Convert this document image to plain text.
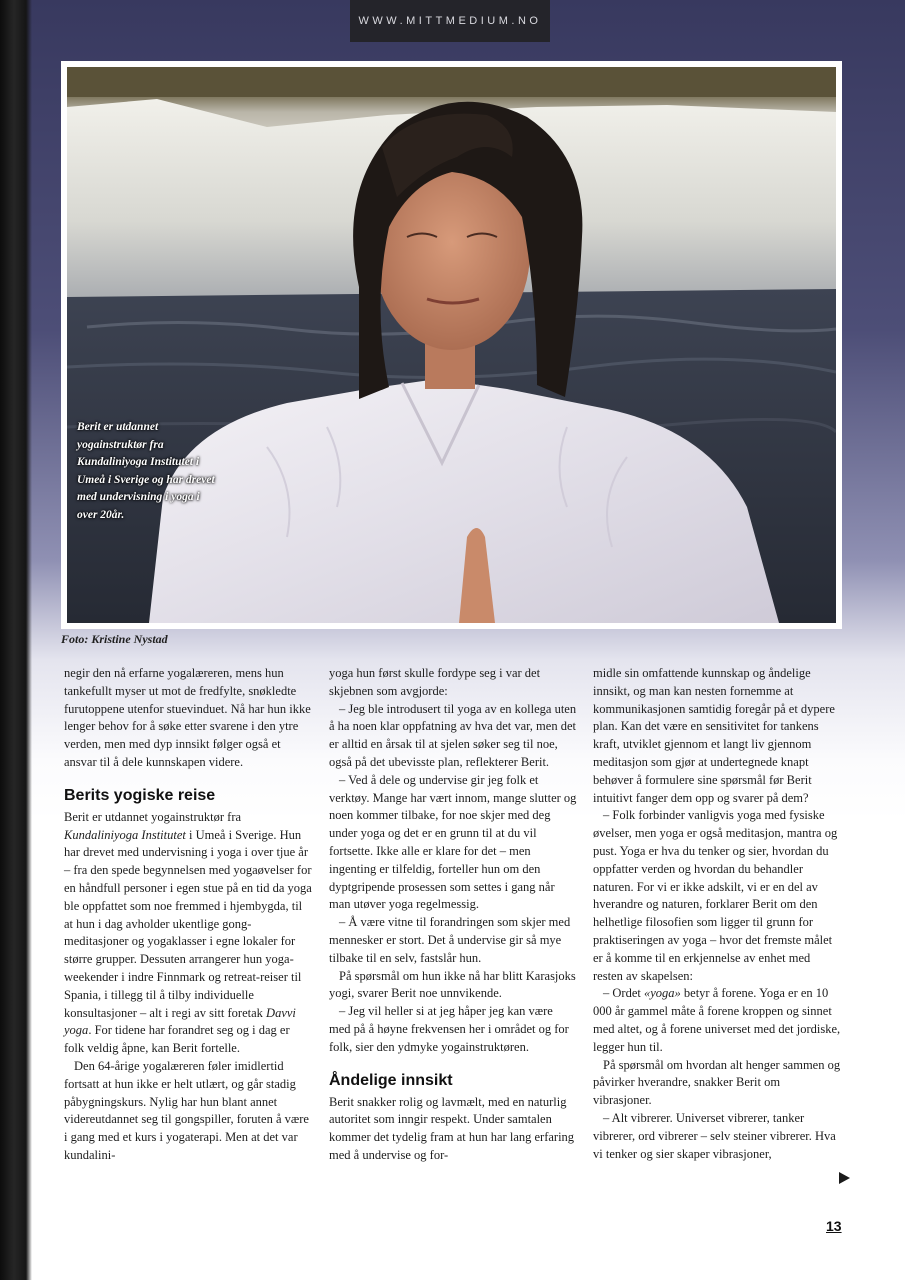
WWW.MITTMEDIUM.NO
Berit er utdannet yogainstruktør fra Kundaliniyoga Institutet i Umeå i Sverige og har drevet med undervisning i yoga i over 20år.
Foto: Kristine Nystad

negir den nå erfarne yogalæreren, mens hun tankefullt myser ut mot de fredfylte, snøkledte furutoppene utenfor stuevinduet. Nå har hun ikke lenger behov for å søke etter svarene i den ytre verden, men med dyp innsikt følger også et ansvar til å dele kunnskapen videre.

Berits yogiske reise

Berit er utdannet yogainstruktør fra Kundaliniyoga Institutet i Umeå i Sverige. Hun har drevet med undervisning i yoga i over tjue år – fra den spede begynnelsen med yogaøvelser for en håndfull personer i egen stue på en tid da yoga ble oppfattet som noe fremmed i hjembygda, til at hun i dag avholder ukentlige gong-meditasjoner og yogaklasser i egne lokaler for større grupper. Dessuten arrangerer hun yoga-weekender i indre Finnmark og retreat-reiser til Spania, i tillegg til å tilby individuelle konsultasjoner – alt i regi av sitt foretak Davvi yoga. For tidene har forandret seg og i dag er folk veldig åpne, kan Berit fortelle.

Den 64-årige yogalæreren føler imidlertid fortsatt at hun ikke er helt utlært, og går stadig påbygningskurs. Nylig har hun blant annet videreutdannet seg til gongspiller, foruten å være i gang med et kurs i yogaterapi. Men at det var kundalini-

yoga hun først skulle fordype seg i var det skjebnen som avgjorde:

– Jeg ble introdusert til yoga av en kollega uten å ha noen klar oppfatning av hva det var, men det er alltid en årsak til at sjelen søker seg til noe, også på det ubevisste plan, reflekterer Berit.

– Ved å dele og undervise gir jeg folk et verktøy. Mange har vært innom, mange slutter og noen kommer tilbake, for noe skjer med deg under yoga og det er en grunn til at du vil fortsette. Ikke alle er klare for det – men ingenting er tilfeldig, forteller hun om den dyptgripende prosessen som settes i gang når man utøver yoga regelmessig.

– Å være vitne til forandringen som skjer med mennesker er stort. Det å undervise gir så mye tilbake til en selv, fastslår hun.

På spørsmål om hun ikke nå har blitt Karasjoks yogi, svarer Berit noe unnvikende.

– Jeg vil heller si at jeg håper jeg kan være med på å høyne frekvensen her i området og for folk, sier den ydmyke yogainstruktøren.

Åndelige innsikt

Berit snakker rolig og lavmælt, med en naturlig autoritet som inngir respekt. Under samtalen kommer det tydelig fram at hun har lang erfaring med å undervise og for-

midle sin omfattende kunnskap og åndelige innsikt, og man kan nesten fornemme at kommunikasjonen samtidig foregår på et dypere plan. Kan det være en sensitivitet for tankens kraft, utviklet gjennom et langt liv gjennom meditasjon som gjør at undertegnede knapt behøver å formulere sine spørsmål før Berit intuitivt fanger dem opp og svarer på dem?

– Folk forbinder vanligvis yoga med fysiske øvelser, men yoga er også meditasjon, mantra og pust. Yoga er hva du tenker og sier, hvordan du oppfatter verden og hvordan du behandler naturen. For vi er ikke adskilt, vi er en del av hverandre og naturen, forklarer Berit om den helhetlige filosofien som ligger til grunn for praktiseringen av yoga – hvor det fremste målet er å komme til en erkjennelse av enhet med resten av skapelsen:

– Ordet «yoga» betyr å forene. Yoga er en 10 000 år gammel måte å forene kroppen og sinnet med altet, og å forene universet med det jordiske, legger hun til.

På spørsmål om hvordan alt henger sammen og påvirker hverandre, snakker Berit om vibrasjoner.

– Alt vibrerer. Universet vibrerer, tanker vibrerer, ord vibrerer – selv steiner vibrerer. Hva vi tenker og sier skaper vibrasjoner,

13
